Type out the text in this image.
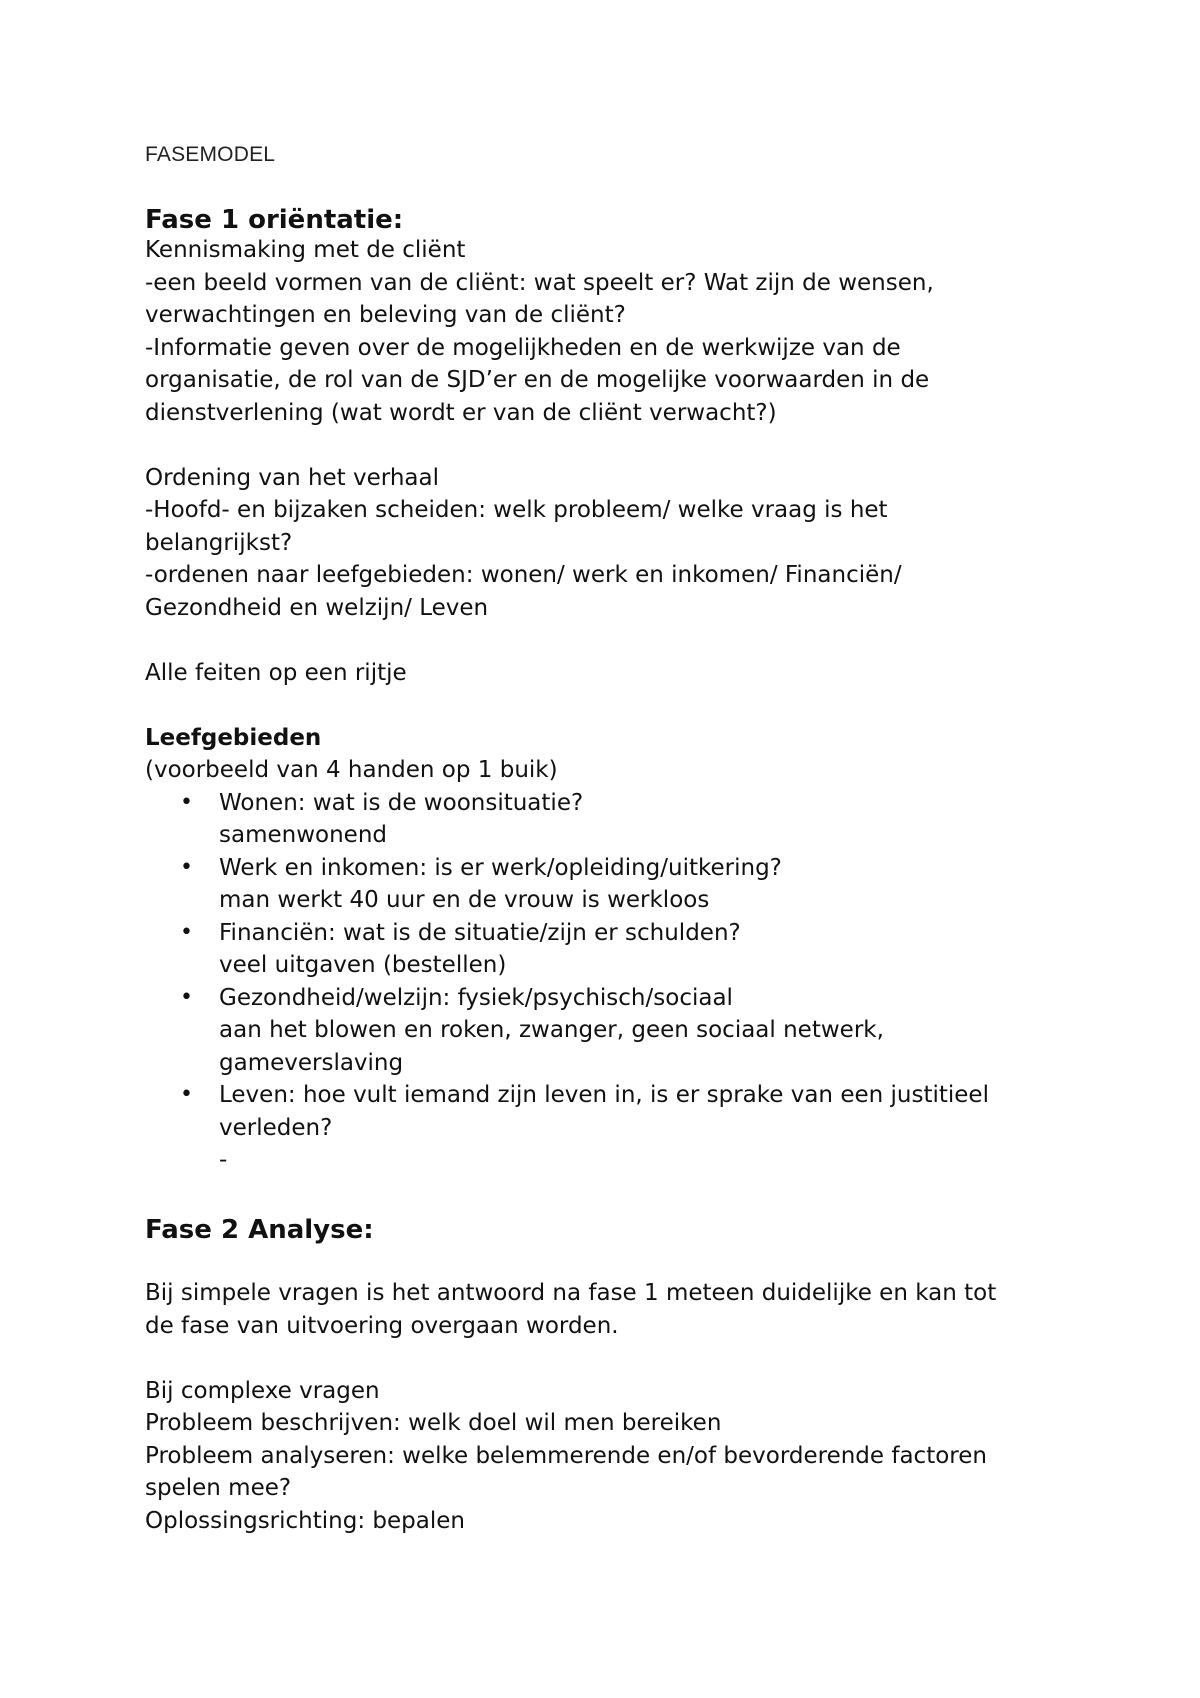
FASEMODEL
Fase 1 oriëntatie:

Kennismaking met de cliënt

-een beeld vormen van de cliënt: wat speelt er? Wat zijn de wensen,

verwachtingen en beleving van de cliënt?

-Informatie geven over de mogelijkheden en de werkwijze van de

organisatie, de rol van de SJD’er en de mogelijke voorwaarden in de

dienstverlening (wat wordt er van de cliënt verwacht?)

Ordening van het verhaal

-Hoofd- en bijzaken scheiden: welk probleem/ welke vraag is het

belangrijkst?

-ordenen naar leefgebieden: wonen/ werk en inkomen/ Financiën/

Gezondheid en welzijn/ Leven

Alle feiten op een rijtje

Leefgebieden

(voorbeeld van 4 handen op 1 buik)

• Wonen: wat is de woonsituatie?

samenwonend

• Werk en inkomen: is er werk/opleiding/uitkering?

man werkt 40 uur en de vrouw is werkloos

• Financiën: wat is de situatie/zijn er schulden?

veel uitgaven (bestellen)

• Gezondheid/welzijn: fysiek/psychisch/sociaal

aan het blowen en roken, zwanger, geen sociaal netwerk,

gameverslaving

• Leven: hoe vult iemand zijn leven in, is er sprake van een justitieel

verleden?

-

Fase 2 Analyse:

Bij simpele vragen is het antwoord na fase 1 meteen duidelijke en kan tot

de fase van uitvoering overgaan worden.

Bij complexe vragen

Probleem beschrijven: welk doel wil men bereiken

Probleem analyseren: welke belemmerende en/of bevorderende factoren

spelen mee?

Oplossingsrichting: bepalen
